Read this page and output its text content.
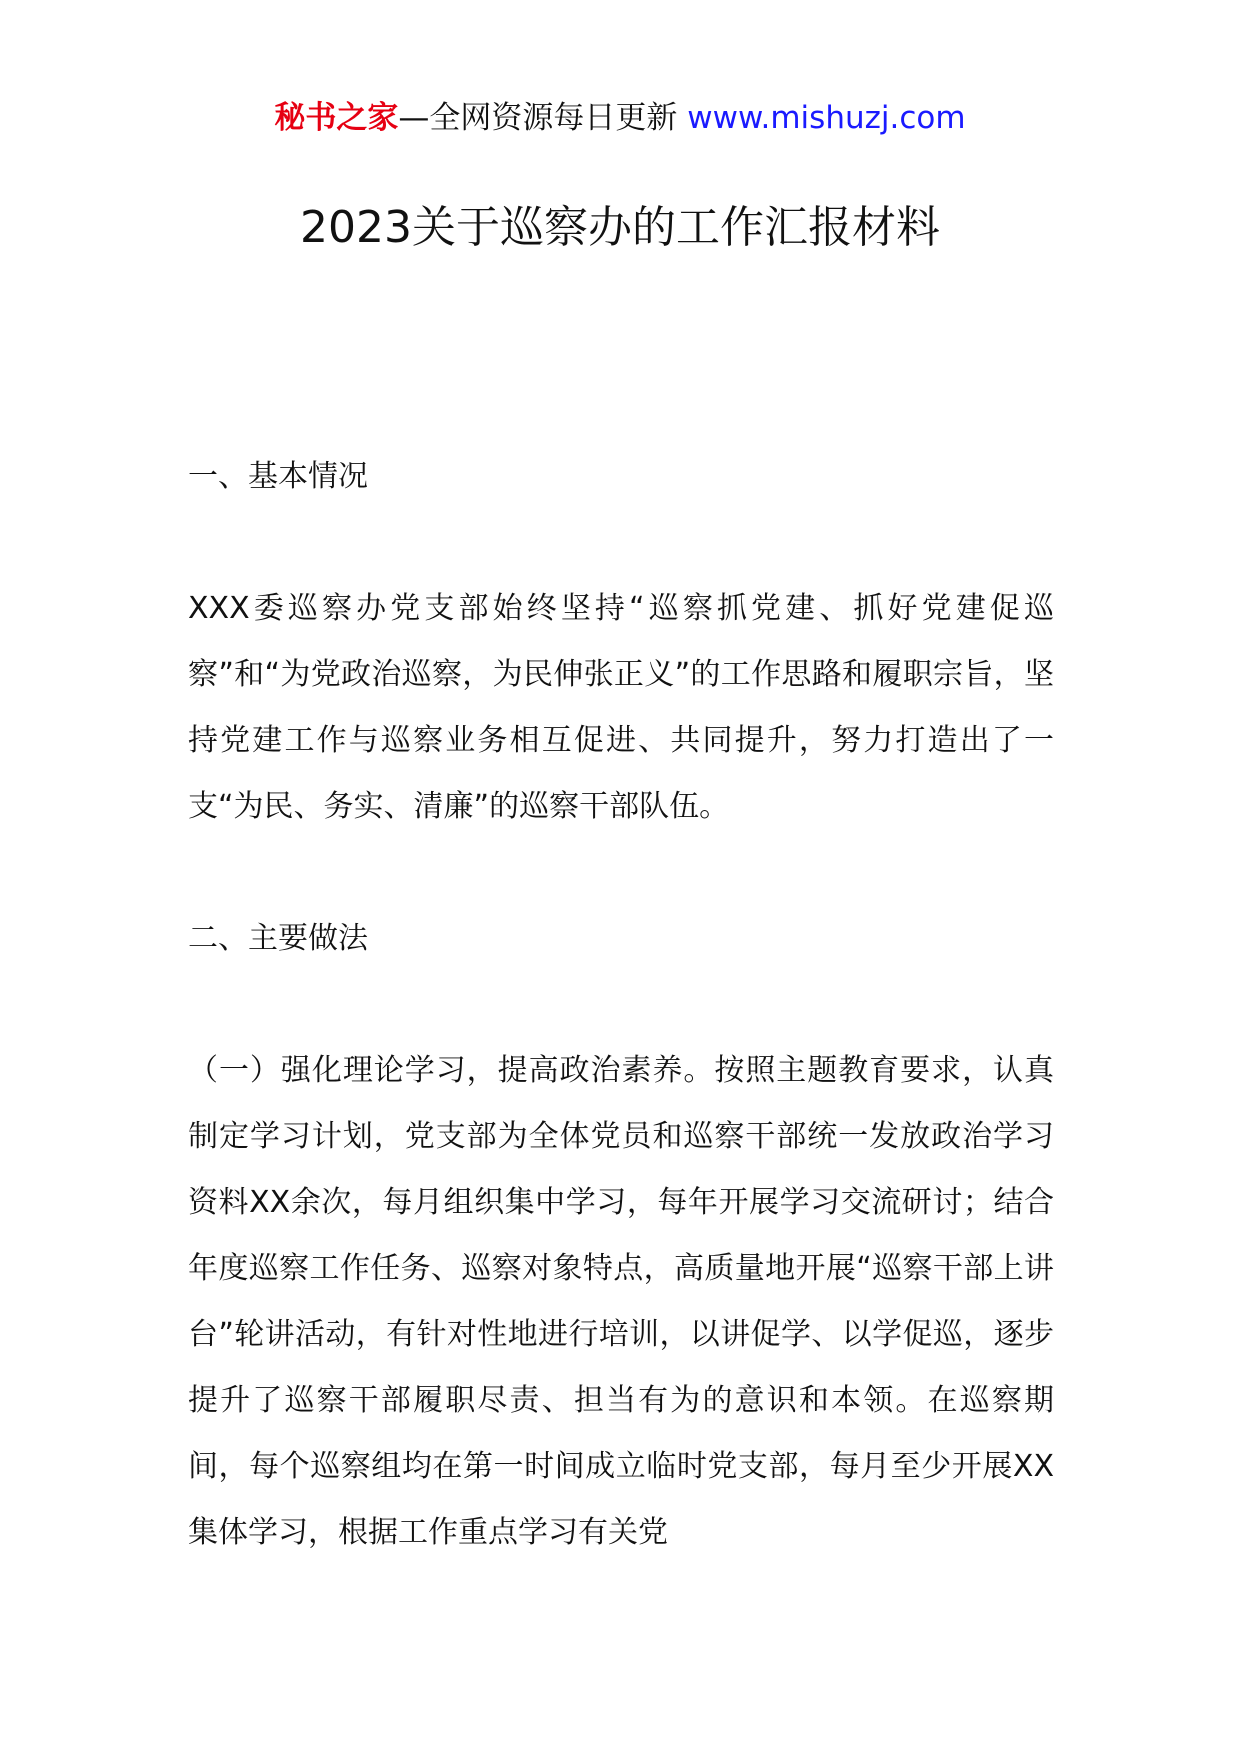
秘书之家—全网资源每日更新 www.mishuzj.com
2023关于巡察办的工作汇报材料
一、基本情况

XXX委巡察办党支部始终坚持“巡察抓党建、抓好党建促巡察”和“为党政治巡察，为民伸张正义”的工作思路和履职宗旨，坚持党建工作与巡察业务相互促进、共同提升，努力打造出了一支“为民、务实、清廉”的巡察干部队伍。

二、主要做法

（一）强化理论学习，提高政治素养。按照主题教育要求，认真制定学习计划，党支部为全体党员和巡察干部统一发放政治学习资料XX余次，每月组织集中学习，每年开展学习交流研讨；结合年度巡察工作任务、巡察对象特点，高质量地开展“巡察干部上讲台”轮讲活动，有针对性地进行培训，以讲促学、以学促巡，逐步提升了巡察干部履职尽责、担当有为的意识和本领。在巡察期间，每个巡察组均在第一时间成立临时党支部，每月至少开展XX集体学习，根据工作重点学习有关党
